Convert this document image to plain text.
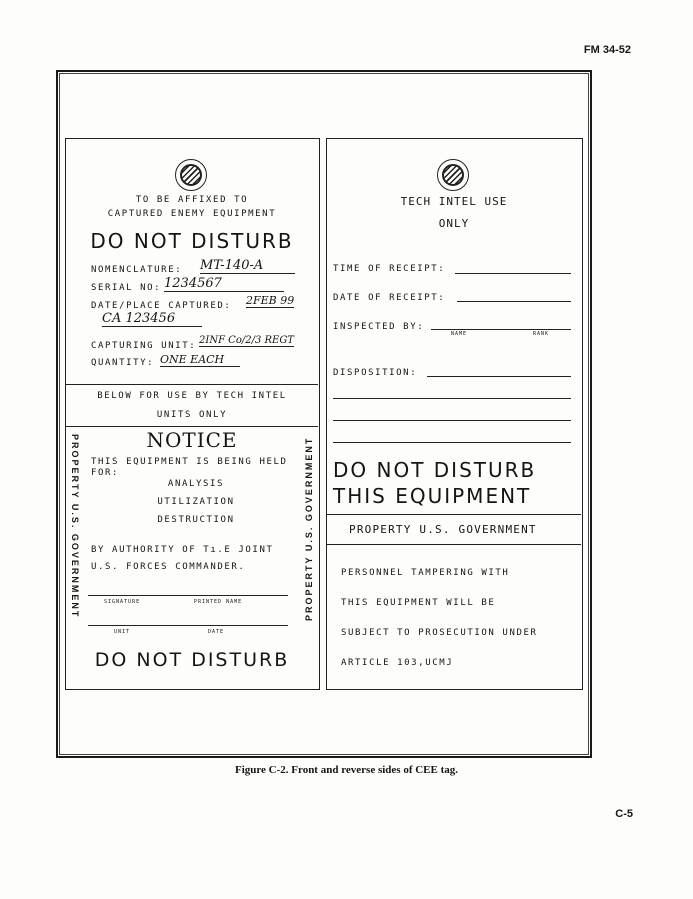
FM 34-52
TO BE AFFIXED TO
CAPTURED ENEMY EQUIPMENT
DO NOT DISTURB
NOMENCLATURE: MT-140-A
SERIAL NO: 1234567
DATE/PLACE CAPTURED: 2FEB 99
CA 123456
CAPTURING UNIT: 2INF Co/2/3 REGT
QUANTITY: ONE EACH
BELOW FOR USE BY TECH INTEL
UNITS ONLY
PROPERTY U.S. GOVERNMENT	PROPERTY U.S. GOVERNMENT
NOTICE
THIS EQUIPMENT IS BEING HELD
FOR:
ANALYSIS
UTILIZATION
DESTRUCTION
BY AUTHORITY OF Tı.E JOINT
U.S. FORCES COMMANDER.
SIGNATURE	PRINTED NAME
UNIT	DATE
DO NOT DISTURB
TECH INTEL USE
ONLY
TIME OF RECEIPT:
DATE OF RECEIPT:
INSPECTED BY:
NAME	RANK
DISPOSITION:
DO NOT DISTURB
THIS EQUIPMENT
PROPERTY U.S. GOVERNMENT
PERSONNEL TAMPERING WITH
THIS EQUIPMENT WILL BE
SUBJECT TO PROSECUTION UNDER
ARTICLE 103,UCMJ
Figure C-2. Front and reverse sides of CEE tag.
C-5
